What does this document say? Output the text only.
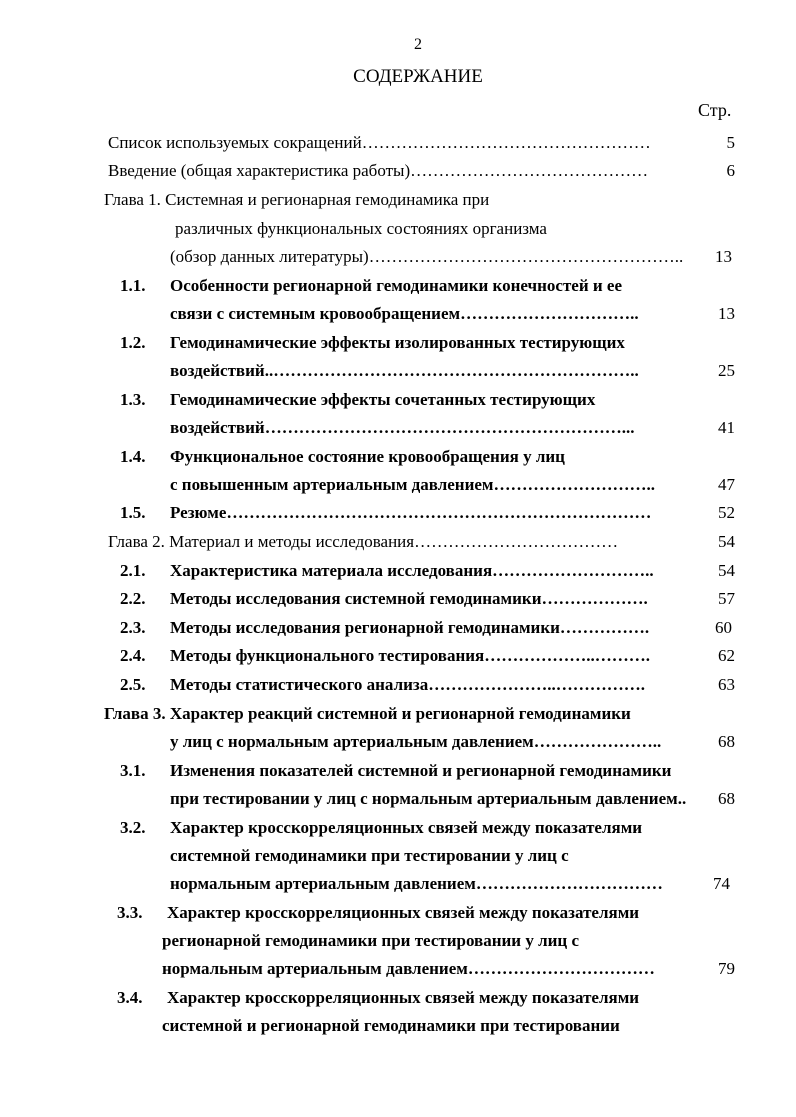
2
СОДЕРЖАНИЕ
Стр.
Список используемых сокращений……………………………………………	5
Введение (общая характеристика работы)……………………………………	6
Глава 1. Системная и регионарная гемодинамика при
различных функциональных состояниях организма
(обзор данных литературы)………………………………………………..	13
1.1. Особенности регионарной гемодинамики конечностей и ее
связи с системным кровообращением…………………………..	13
1.2. Гемодинамические эффекты изолированных тестирующих
воздействий..………………………………………………………..	25
1.3. Гемодинамические эффекты сочетанных тестирующих
воздействий………………………………………………………...	41
1.4. Функциональное состояние кровообращения у лиц
с повышенным артериальным давлением………………………..	47
1.5. Резюме…………………………………………………………………	52
Глава 2. Материал и методы исследования………………………………	54
2.1. Характеристика материала исследования………………………..	54
2.2. Методы исследования системной гемодинамики……………….	57
2.3. Методы исследования регионарной гемодинамики…………….	60
2.4. Методы функционального тестирования………………..……….	62
2.5. Методы статистического анализа…………………..…………….	63
Глава 3. Характер реакций системной и регионарной гемодинамики
у лиц с нормальным артериальным давлением…………………..	68
3.1. Изменения показателей системной и регионарной гемодинамики
при тестировании у лиц с нормальным артериальным давлением..	68
3.2. Характер кросскорреляционных связей между показателями
системной гемодинамики при тестировании у лиц с
нормальным артериальным давлением……………………………	74
3.3. Характер кросскорреляционных связей между показателями
регионарной гемодинамики при тестировании у лиц с
нормальным артериальным давлением……………………………	79
3.4. Характер кросскорреляционных связей между показателями
системной и регионарной гемодинамики при тестировании
